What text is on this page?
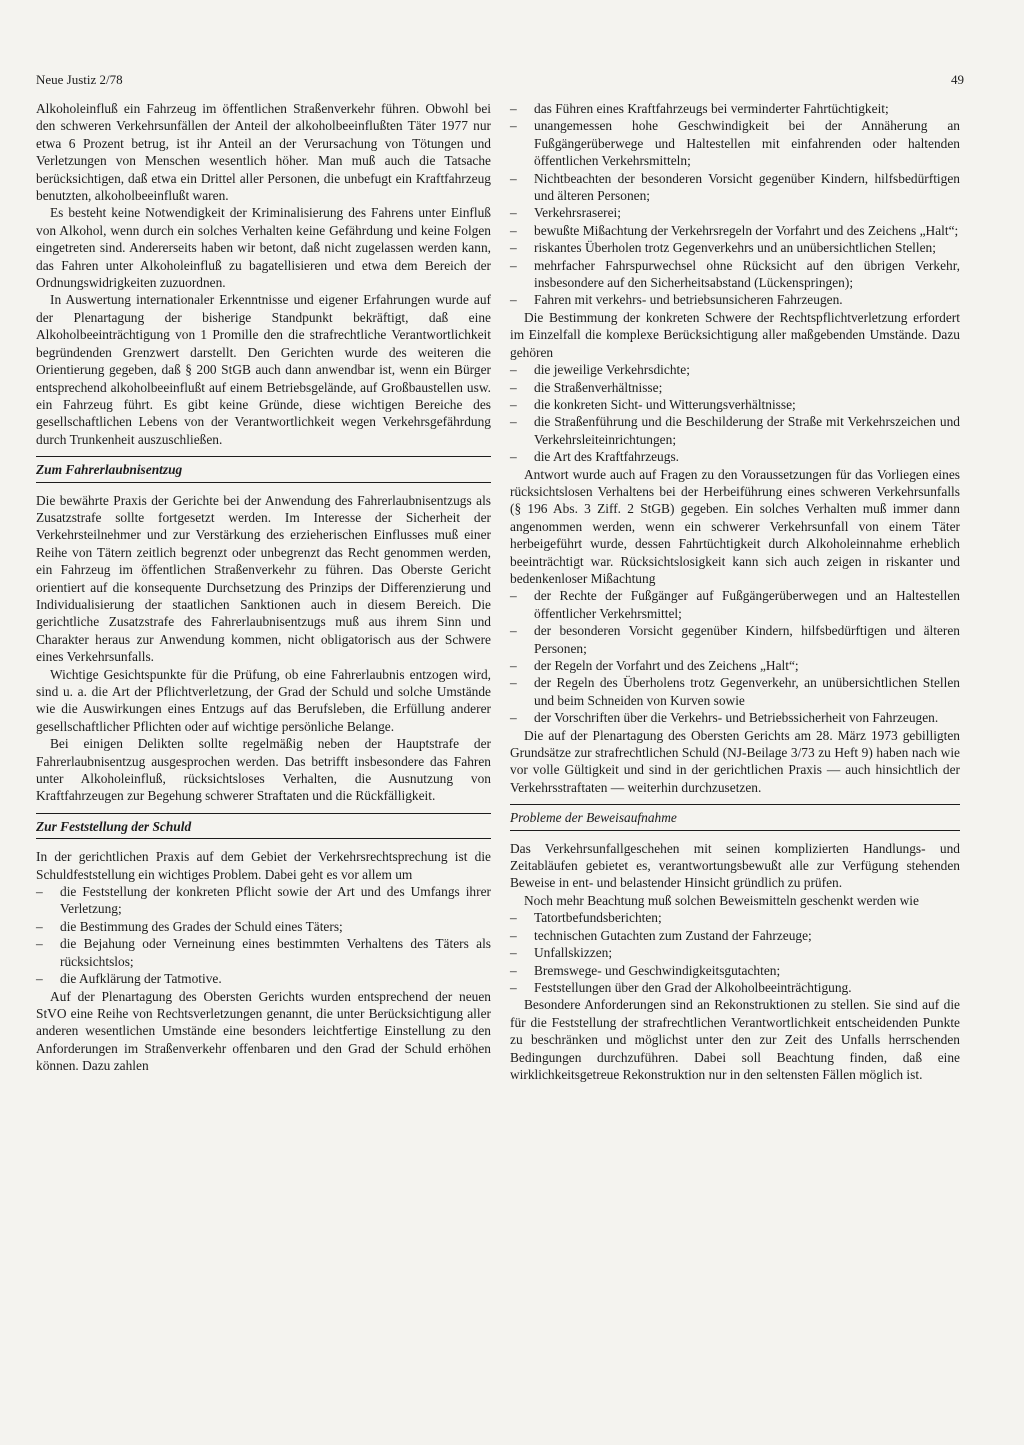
Neue Justiz 2/78	49

Alkoholeinfluß ein Fahrzeug im öffentlichen Straßenverkehr führen. Obwohl bei den schweren Verkehrsunfällen der Anteil der alkoholbeeinflußten Täter 1977 nur etwa 6 Prozent betrug, ist ihr Anteil an der Verursachung von Tötungen und Verletzungen von Menschen wesentlich höher. Man muß auch die Tatsache berücksichtigen, daß etwa ein Drittel aller Personen, die unbefugt ein Kraftfahrzeug benutzten, alkoholbeeinflußt waren.

Es besteht keine Notwendigkeit der Kriminalisierung des Fahrens unter Einfluß von Alkohol, wenn durch ein solches Verhalten keine Gefährdung und keine Folgen eingetreten sind. Andererseits haben wir betont, daß nicht zugelassen werden kann, das Fahren unter Alkoholeinfluß zu bagatellisieren und etwa dem Bereich der Ordnungswidrigkeiten zuzuordnen.

In Auswertung internationaler Erkenntnisse und eigener Erfahrungen wurde auf der Plenartagung der bisherige Standpunkt bekräftigt, daß eine Alkoholbeeinträchtigung von 1 Promille den die strafrechtliche Verantwortlichkeit begründenden Grenzwert darstellt. Den Gerichten wurde des weiteren die Orientierung gegeben, daß § 200 StGB auch dann anwendbar ist, wenn ein Bürger entsprechend alkoholbeeinflußt auf einem Betriebsgelände, auf Großbaustellen usw. ein Fahrzeug führt. Es gibt keine Gründe, diese wichtigen Bereiche des gesellschaftlichen Lebens von der Verantwortlichkeit wegen Verkehrsgefährdung durch Trunkenheit auszuschließen.

Zum Fahrerlaubnisentzug

Die bewährte Praxis der Gerichte bei der Anwendung des Fahrerlaubnisentzugs als Zusatzstrafe sollte fortgesetzt werden. Im Interesse der Sicherheit der Verkehrsteilnehmer und zur Verstärkung des erzieherischen Einflusses muß einer Reihe von Tätern zeitlich begrenzt oder unbegrenzt das Recht genommen werden, ein Fahrzeug im öffentlichen Straßenverkehr zu führen. Das Oberste Gericht orientiert auf die konsequente Durchsetzung des Prinzips der Differenzierung und Individualisierung der staatlichen Sanktionen auch in diesem Bereich. Die gerichtliche Zusatzstrafe des Fahrerlaubnisentzugs muß aus ihrem Sinn und Charakter heraus zur Anwendung kommen, nicht obligatorisch aus der Schwere eines Verkehrsunfalls.

Wichtige Gesichtspunkte für die Prüfung, ob eine Fahrerlaubnis entzogen wird, sind u. a. die Art der Pflichtverletzung, der Grad der Schuld und solche Umstände wie die Auswirkungen eines Entzugs auf das Berufsleben, die Erfüllung anderer gesellschaftlicher Pflichten oder auf wichtige persönliche Belange.

Bei einigen Delikten sollte regelmäßig neben der Hauptstrafe der Fahrerlaubnisentzug ausgesprochen werden. Das betrifft insbesondere das Fahren unter Alkoholeinfluß, rücksichtsloses Verhalten, die Ausnutzung von Kraftfahrzeugen zur Begehung schwerer Straftaten und die Rückfälligkeit.

Zur Feststellung der Schuld

In der gerichtlichen Praxis auf dem Gebiet der Verkehrsrechtsprechung ist die Schuldfeststellung ein wichtiges Problem. Dabei geht es vor allem um

– die Feststellung der konkreten Pflicht sowie der Art und des Umfangs ihrer Verletzung;
– die Bestimmung des Grades der Schuld eines Täters;
– die Bejahung oder Verneinung eines bestimmten Verhaltens des Täters als rücksichtslos;
– die Aufklärung der Tatmotive.

Auf der Plenartagung des Obersten Gerichts wurden entsprechend der neuen StVO eine Reihe von Rechtsverletzungen genannt, die unter Berücksichtigung aller anderen wesentlichen Umstände eine besonders leichtfertige Einstellung zu den Anforderungen im Straßenverkehr offenbaren und den Grad der Schuld erhöhen können. Dazu zahlen

– das Führen eines Kraftfahrzeugs bei verminderter Fahrtüchtigkeit;
– unangemessen hohe Geschwindigkeit bei der Annäherung an Fußgängerüberwege und Haltestellen mit einfahrenden oder haltenden öffentlichen Verkehrsmitteln;
– Nichtbeachten der besonderen Vorsicht gegenüber Kindern, hilfsbedürftigen und älteren Personen;
– Verkehrsraserei;
– bewußte Mißachtung der Verkehrsregeln der Vorfahrt und des Zeichens „Halt“;
– riskantes Überholen trotz Gegenverkehrs und an unübersichtlichen Stellen;
– mehrfacher Fahrspurwechsel ohne Rücksicht auf den übrigen Verkehr, insbesondere auf den Sicherheitsabstand (Lückenspringen);
– Fahren mit verkehrs- und betriebsunsicheren Fahrzeugen.

Die Bestimmung der konkreten Schwere der Rechtspflichtverletzung erfordert im Einzelfall die komplexe Berücksichtigung aller maßgebenden Umstände. Dazu gehören

– die jeweilige Verkehrsdichte;
– die Straßenverhältnisse;
– die konkreten Sicht- und Witterungsverhältnisse;
– die Straßenführung und die Beschilderung der Straße mit Verkehrszeichen und Verkehrsleiteinrichtungen;
– die Art des Kraftfahrzeugs.

Antwort wurde auch auf Fragen zu den Voraussetzungen für das Vorliegen eines rücksichtslosen Verhaltens bei der Herbeiführung eines schweren Verkehrsunfalls (§ 196 Abs. 3 Ziff. 2 StGB) gegeben. Ein solches Verhalten muß immer dann angenommen werden, wenn ein schwerer Verkehrsunfall von einem Täter herbeigeführt wurde, dessen Fahrtüchtigkeit durch Alkoholeinnahme erheblich beeinträchtigt war. Rücksichtslosigkeit kann sich auch zeigen in riskanter und bedenkenloser Mißachtung

– der Rechte der Fußgänger auf Fußgängerüberwegen und an Haltestellen öffentlicher Verkehrsmittel;
– der besonderen Vorsicht gegenüber Kindern, hilfsbedürftigen und älteren Personen;
– der Regeln der Vorfahrt und des Zeichens „Halt“;
– der Regeln des Überholens trotz Gegenverkehr, an unübersichtlichen Stellen und beim Schneiden von Kurven sowie
– der Vorschriften über die Verkehrs- und Betriebssicherheit von Fahrzeugen.

Die auf der Plenartagung des Obersten Gerichts am 28. März 1973 gebilligten Grundsätze zur strafrechtlichen Schuld (NJ-Beilage 3/73 zu Heft 9) haben nach wie vor volle Gültigkeit und sind in der gerichtlichen Praxis — auch hinsichtlich der Verkehrsstraftaten — weiterhin durchzusetzen.

Probleme der Beweisaufnahme

Das Verkehrsunfallgeschehen mit seinen komplizierten Handlungs- und Zeitabläufen gebietet es, verantwortungsbewußt alle zur Verfügung stehenden Beweise in ent- und belastender Hinsicht gründlich zu prüfen.

Noch mehr Beachtung muß solchen Beweismitteln geschenkt werden wie

– Tatortbefundsberichten;
– technischen Gutachten zum Zustand der Fahrzeuge;
– Unfallskizzen;
– Bremswege- und Geschwindigkeitsgutachten;
– Feststellungen über den Grad der Alkoholbeeinträchtigung.

Besondere Anforderungen sind an Rekonstruktionen zu stellen. Sie sind auf die für die Feststellung der strafrechtlichen Verantwortlichkeit entscheidenden Punkte zu beschränken und möglichst unter den zur Zeit des Unfalls herrschenden Bedingungen durchzuführen. Dabei soll Beachtung finden, daß eine wirklichkeitsgetreue Rekonstruktion nur in den seltensten Fällen möglich ist.
